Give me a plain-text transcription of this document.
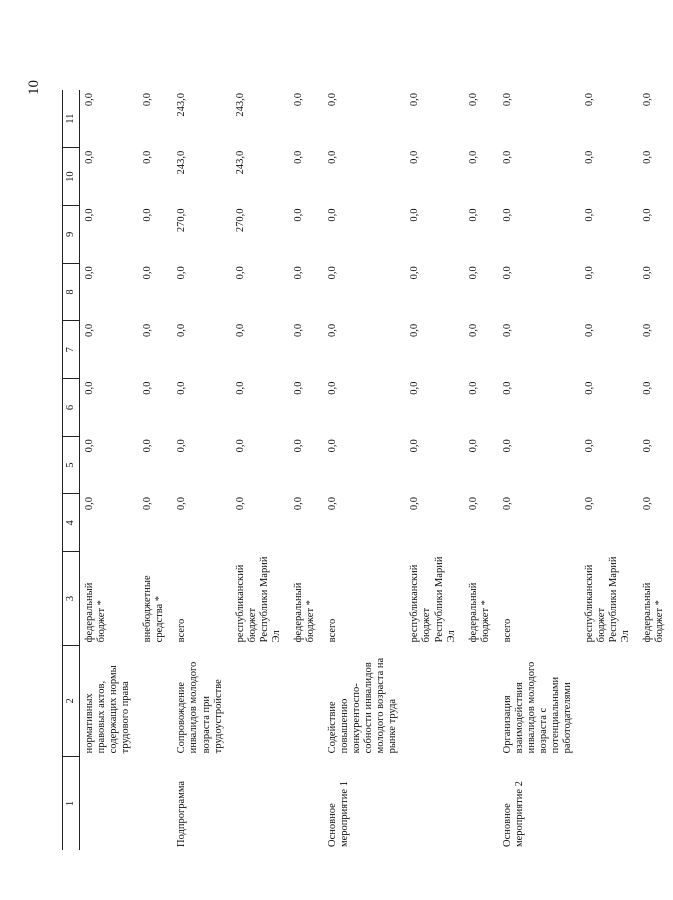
10
1	2	3	4	5	6	7	8	9	10	11
	нормативных правовых актов, содержащих нормы трудового права	федеральный бюджет *	0,0	0,0	0,0	0,0	0,0	0,0	0,0	0,0
		внебюджетные средства *	0,0	0,0	0,0	0,0	0,0	0,0	0,0	0,0
Подпрограмма	Сопровождение инвалидов молодого возраста при трудоустройстве	всего	0,0	0,0	0,0	0,0	0,0	270,0	243,0	243,0
		республиканский бюджет Республики Марий Эл	0,0	0,0	0,0	0,0	0,0	270,0	243,0	243,0
		федеральный бюджет *	0,0	0,0	0,0	0,0	0,0	0,0	0,0	0,0
Основное мероприятие 1	Содействие повышению конкурентоспо-собности инвалидов молодого возраста на рынке труда	всего	0,0	0,0	0,0	0,0	0,0	0,0	0,0	0,0
		республиканский бюджет Республики Марий Эл	0,0	0,0	0,0	0,0	0,0	0,0	0,0	0,0
		федеральный бюджет *	0,0	0,0	0,0	0,0	0,0	0,0	0,0	0,0
Основное мероприятие 2	Организация взаимодействия инвалидов молодого возраста с потенциальными работодателями	всего	0,0	0,0	0,0	0,0	0,0	0,0	0,0	0,0
		республиканский бюджет Республики Марий Эл	0,0	0,0	0,0	0,0	0,0	0,0	0,0	0,0
		федеральный бюджет *	0,0	0,0	0,0	0,0	0,0	0,0	0,0	0,0
